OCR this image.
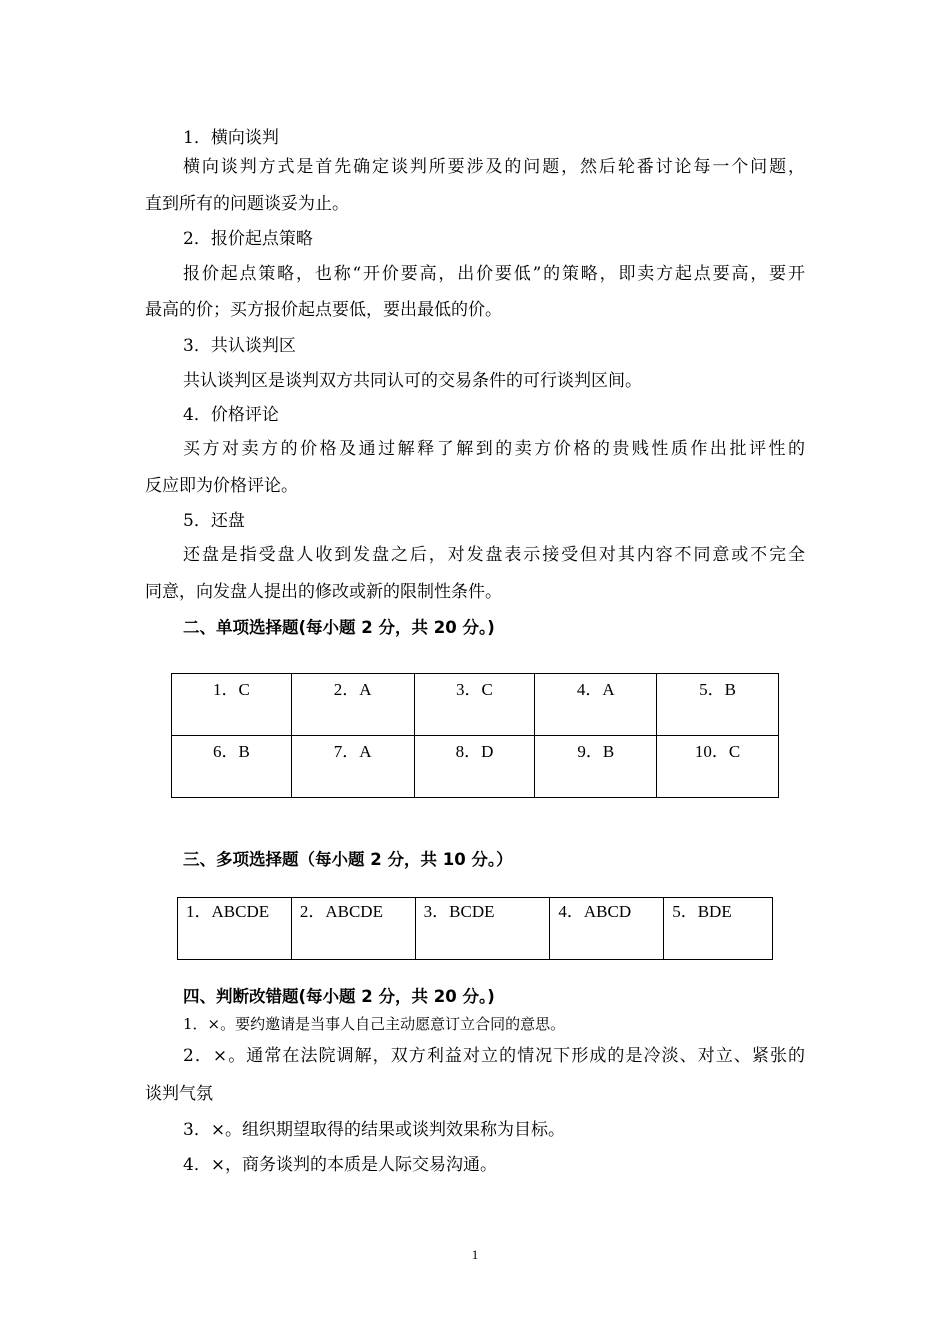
1．横向谈判
横向谈判方式是首先确定谈判所要涉及的问题，然后轮番讨论每一个问题，
直到所有的问题谈妥为止。
2．报价起点策略
报价起点策略，也称“开价要高，出价要低”的策略，即卖方起点要高，要开
最高的价；买方报价起点要低，要出最低的价。
3．共认谈判区
共认谈判区是谈判双方共同认可的交易条件的可行谈判区间。
4．价格评论
买方对卖方的价格及通过解释了解到的卖方价格的贵贱性质作出批评性的
反应即为价格评论。
5．还盘
还盘是指受盘人收到发盘之后，对发盘表示接受但对其内容不同意或不完全
同意，向发盘人提出的修改或新的限制性条件。
二、单项选择题(每小题 2 分，共 20 分。)
1．C	2．A	3．C	4．A	5．B
6．B	7．A	8．D	9．B	10．C
三、多项选择题（每小题 2 分，共 10 分。）
1．ABCDE	2．ABCDE	3．BCDE	4．ABCD	5．BDE
四、判断改错题(每小题 2 分，共 20 分。)
1．×。要约邀请是当事人自己主动愿意订立合同的意思。
2．×。通常在法院调解，双方利益对立的情况下形成的是冷淡、对立、紧张的
谈判气氛
3．×。组织期望取得的结果或谈判效果称为目标。
4．×，商务谈判的本质是人际交易沟通。
1
